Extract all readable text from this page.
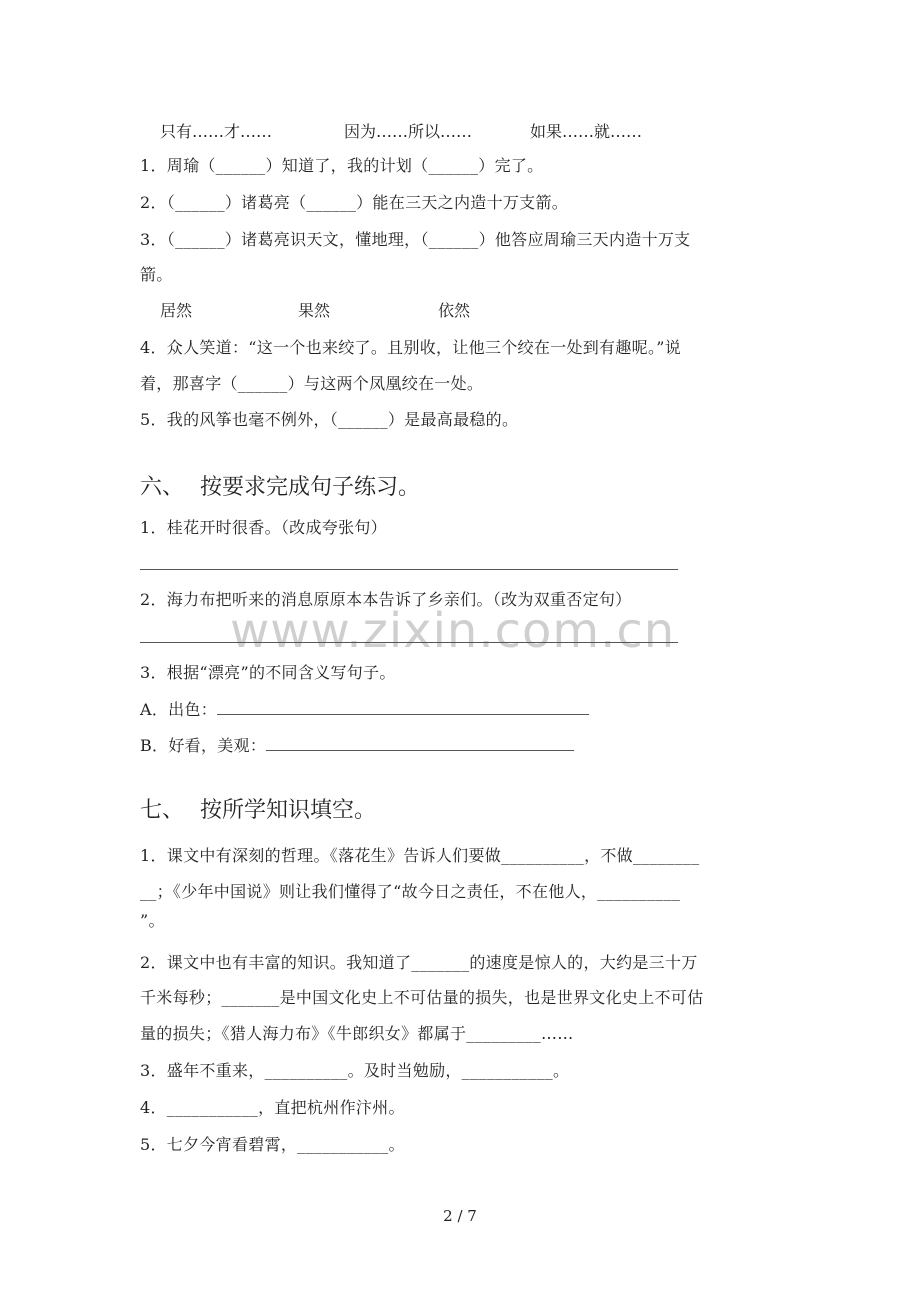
www.zixin.com.cn
只有……才……	因为……所以……	如果……就……
1．周瑜（______）知道了，我的计划（______）完了。
2．（______）诸葛亮（______）能在三天之内造十万支箭。
3．（______）诸葛亮识天文，懂地理，（______）他答应周瑜三天内造十万支
箭。
居然	果然	依然
4．众人笑道：“这一个也来绞了。且别收，让他三个绞在一处到有趣呢。”说
着，那喜字（______）与这两个凤凰绞在一处。
5．我的风筝也毫不例外，（______）是最高最稳的。
六、 按要求完成句子练习。
1．桂花开时很香。（改成夸张句）
2．海力布把听来的消息原原本本告诉了乡亲们。（改为双重否定句）
3．根据“漂亮”的不同含义写句子。
A．出色：
B．好看，美观：
七、 按所学知识填空。
1．课文中有深刻的哲理。《落花生》告诉人们要做__________，不做________
__；《少年中国说》则让我们懂得了“故今日之责任，不在他人，__________
”。
2．课文中也有丰富的知识。我知道了_______的速度是惊人的，大约是三十万
千米每秒；_______是中国文化史上不可估量的损失，也是世界文化史上不可估
量的损失；《猎人海力布》《牛郎织女》都属于_________……
3．盛年不重来，__________。及时当勉励，___________。
4．___________，直把杭州作汴州。
5．七夕今宵看碧霄，___________。
2 / 7
